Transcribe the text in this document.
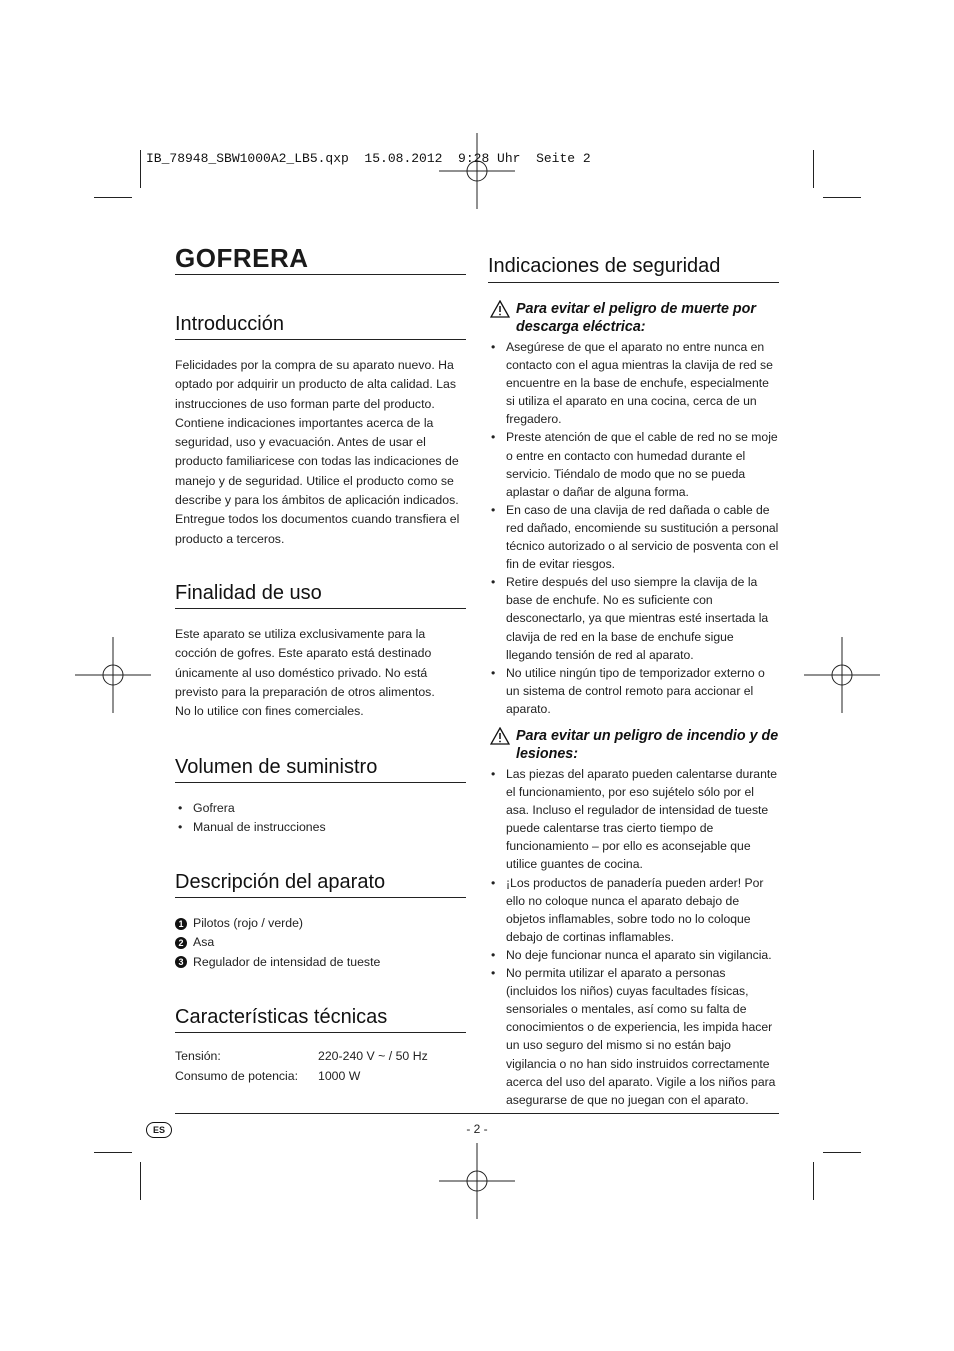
IB_78948_SBW1000A2_LB5.qxp  15.08.2012  9:28 Uhr  Seite 2
GOFRERA
Introducción

Felicidades por la compra de su aparato nuevo. Ha optado por adquirir un producto de alta calidad. Las instrucciones de uso forman parte del producto. Contiene indicaciones importantes acerca de la seguridad, uso y evacuación. Antes de usar el producto familiaricese con todas las indicaciones de manejo y de seguridad. Utilice el producto como se describe y para los ámbitos de aplicación indicados. Entregue todos los documentos cuando transfiera el producto a terceros.

Finalidad de uso

Este aparato se utiliza exclusivamente para la cocción de gofres. Este aparato está destinado únicamente al uso doméstico privado. No está previsto para la preparación de otros alimentos.

No lo utilice con fines comerciales.

Volumen de suministro
• Gofrera
• Manual de instrucciones
Descripción del aparato
1 Pilotos (rojo / verde)
2 Asa
3 Regulador de intensidad de tueste
Características técnicas
Tensión:	220-240 V ~ / 50 Hz
Consumo de potencia:	1000 W
Indicaciones de seguridad
Para evitar el peligro de muerte por descarga eléctrica:
• Asegúrese de que el aparato no entre nunca en contacto con el agua mientras la clavija de red se encuentre en la base de enchufe, especialmente si utiliza el aparato en una cocina, cerca de un fregadero.
• Preste atención de que el cable de red no se moje o entre en contacto con humedad durante el servicio. Tiéndalo de modo que no se pueda aplastar o dañar de alguna forma.
• En caso de una clavija de red dañada o cable de red dañado, encomiende su sustitución a personal técnico autorizado o al servicio de posventa con el fin de evitar riesgos.
• Retire después del uso siempre la clavija de la base de enchufe. No es suficiente con desconectarlo, ya que mientras esté insertada la clavija de red en la base de enchufe sigue llegando tensión de red al aparato.
• No utilice ningún tipo de temporizador externo o un sistema de control remoto para accionar el aparato.
Para evitar un peligro de incendio y de lesiones:
• Las piezas del aparato pueden calentarse durante el funcionamiento, por eso sujételo sólo por el asa. Incluso el regulador de intensidad de tueste puede calentarse tras cierto tiempo de funcionamiento – por ello es aconsejable que utilice guantes de cocina.
• ¡Los productos de panadería pueden arder! Por ello no coloque nunca el aparato debajo de objetos inflamables, sobre todo no lo coloque debajo de cortinas inflamables.
• No deje funcionar nunca el aparato sin vigilancia.
• No permita utilizar el aparato a personas (incluidos los niños) cuyas facultades físicas, sensoriales o mentales, así como su falta de conocimientos o de experiencia, les impida hacer un uso seguro del mismo si no están bajo vigilancia o no han sido instruidos correctamente acerca del uso del aparato. Vigile a los niños para asegurarse de que no juegan con el aparato.
ES	- 2 -
